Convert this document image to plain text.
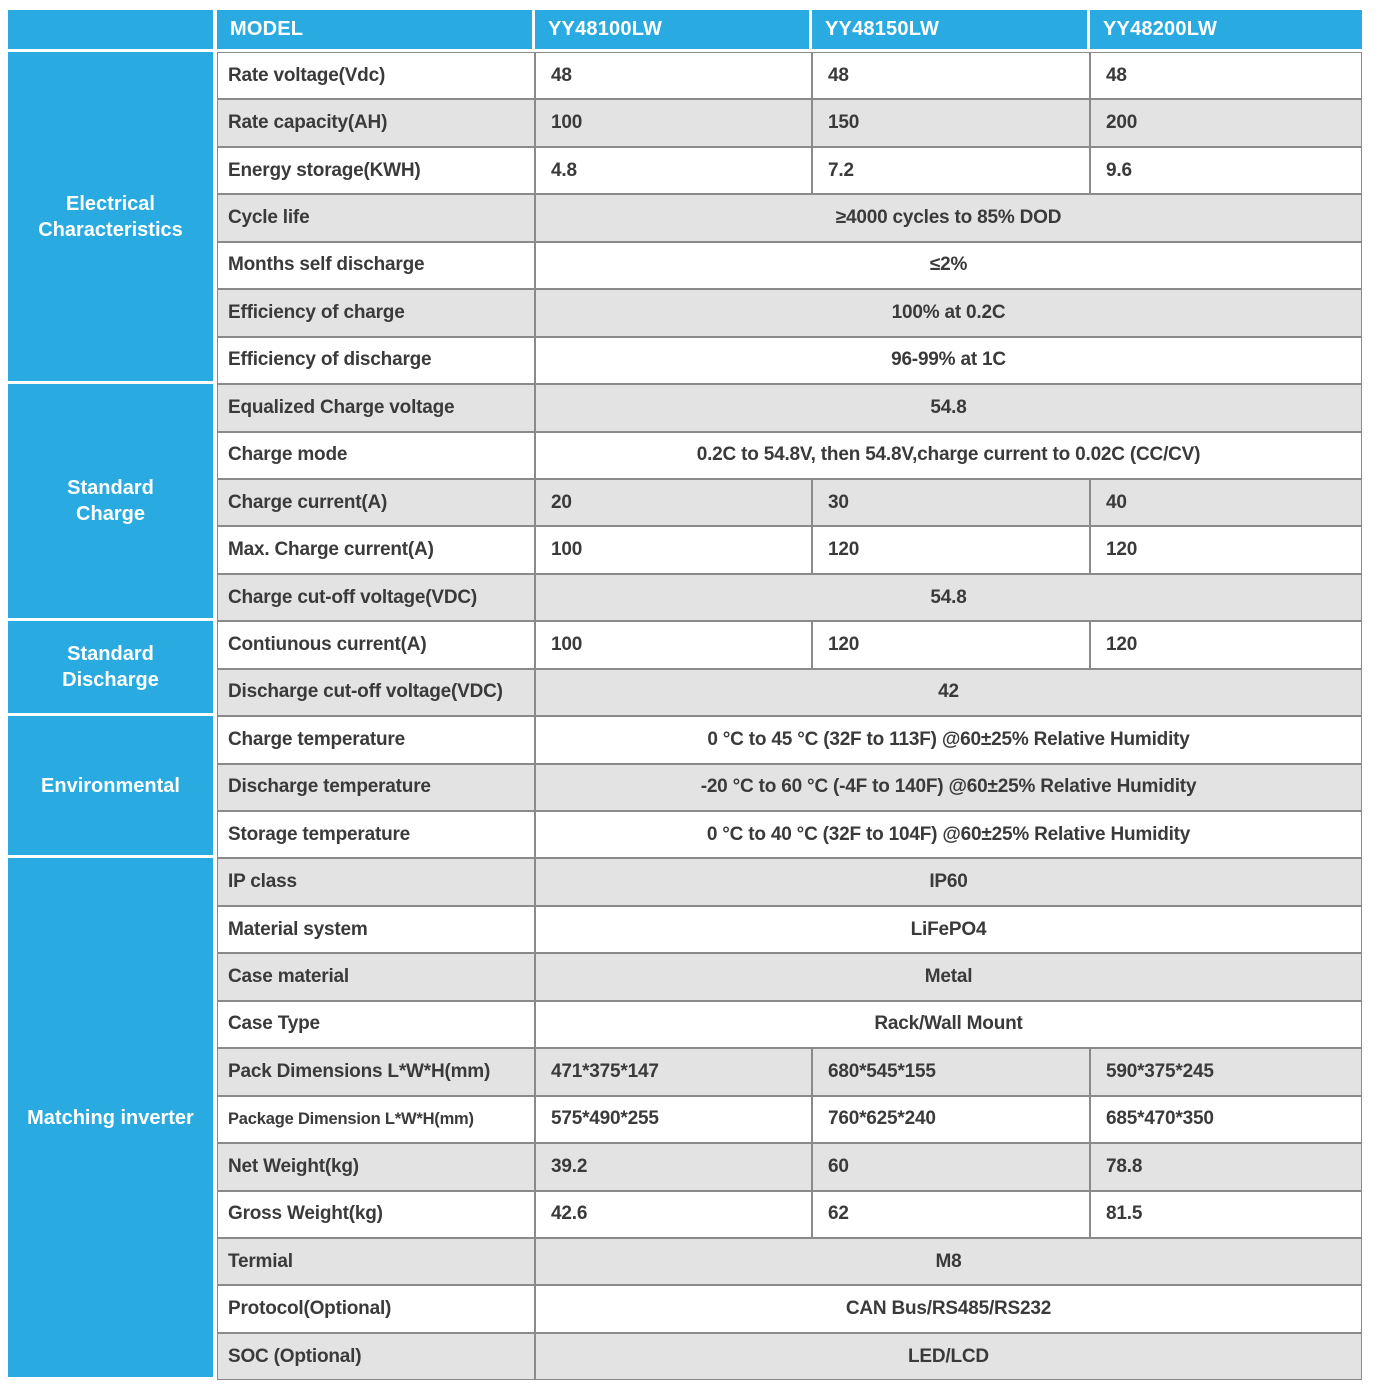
MODEL	YY48100LW	YY48150LW	YY48200LW
Electrical
Characteristics
Rate voltage(Vdc)	48	48	48
Rate capacity(AH)	100	150	200
Energy storage(KWH)	4.8	7.2	9.6
Cycle life	≥4000 cycles to 85% DOD
Months self discharge	≤2%
Efficiency of charge	100% at 0.2C
Efficiency of discharge	96-99% at 1C
Standard
Charge
Equalized Charge voltage	54.8
Charge mode	0.2C to 54.8V, then 54.8V,charge current to 0.02C (CC/CV)
Charge current(A)	20	30	40
Max. Charge current(A)	100	120	120
Charge cut-off voltage(VDC)	54.8
Standard
Discharge
Contiunous current(A)	100	120	120
Discharge cut-off voltage(VDC)	42
Environmental
Charge temperature	0 °C to 45 °C (32F to 113F) @60±25% Relative Humidity
Discharge temperature	-20 °C to 60 °C (-4F to 140F) @60±25% Relative Humidity
Storage temperature	0 °C to 40 °C (32F to 104F) @60±25% Relative Humidity
Matching inverter
IP class	IP60
Material system	LiFePO4
Case material	Metal
Case Type	Rack/Wall Mount
Pack Dimensions L*W*H(mm)	471*375*147	680*545*155	590*375*245
Package Dimension L*W*H(mm)	575*490*255	760*625*240	685*470*350
Net Weight(kg)	39.2	60	78.8
Gross Weight(kg)	42.6	62	81.5
Termial	M8
Protocol(Optional)	CAN Bus/RS485/RS232
SOC (Optional)	LED/LCD
